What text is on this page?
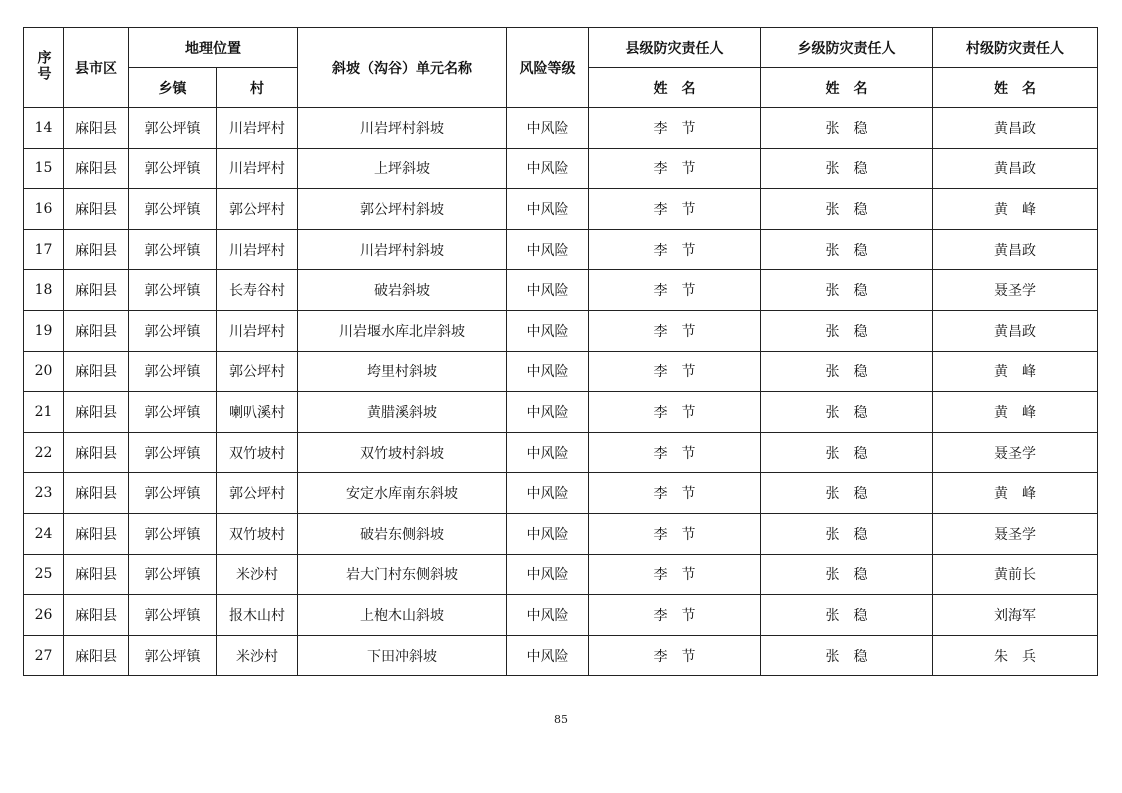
序号	县市区	地理位置		斜坡（沟谷）单元名称	风险等级	县级防灾责任人	乡级防灾责任人	村级防灾责任人
		乡镇	村			姓　名	姓　名	姓　名
14	麻阳县	郭公坪镇	川岩坪村	川岩坪村斜坡	中风险	李　节	张　稳	黄昌政
15	麻阳县	郭公坪镇	川岩坪村	上坪斜坡	中风险	李　节	张　稳	黄昌政
16	麻阳县	郭公坪镇	郭公坪村	郭公坪村斜坡	中风险	李　节	张　稳	黄　峰
17	麻阳县	郭公坪镇	川岩坪村	川岩坪村斜坡	中风险	李　节	张　稳	黄昌政
18	麻阳县	郭公坪镇	长寿谷村	破岩斜坡	中风险	李　节	张　稳	聂圣学
19	麻阳县	郭公坪镇	川岩坪村	川岩堰水库北岸斜坡	中风险	李　节	张　稳	黄昌政
20	麻阳县	郭公坪镇	郭公坪村	垮里村斜坡	中风险	李　节	张　稳	黄　峰
21	麻阳县	郭公坪镇	喇叭溪村	黄腊溪斜坡	中风险	李　节	张　稳	黄　峰
22	麻阳县	郭公坪镇	双竹坡村	双竹坡村斜坡	中风险	李　节	张　稳	聂圣学
23	麻阳县	郭公坪镇	郭公坪村	安定水库南东斜坡	中风险	李　节	张　稳	黄　峰
24	麻阳县	郭公坪镇	双竹坡村	破岩东侧斜坡	中风险	李　节	张　稳	聂圣学
25	麻阳县	郭公坪镇	米沙村	岩大门村东侧斜坡	中风险	李　节	张　稳	黄前长
26	麻阳县	郭公坪镇	报木山村	上枹木山斜坡	中风险	李　节	张　稳	刘海军
27	麻阳县	郭公坪镇	米沙村	下田冲斜坡	中风险	李　节	张　稳	朱　兵
85
